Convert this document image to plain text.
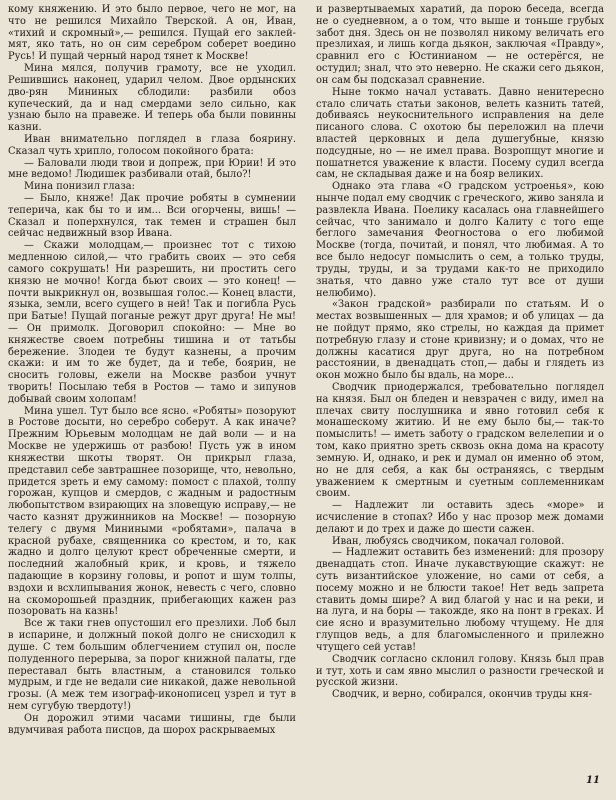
кому княжению. И это было первое, чего не мог, на что не решился Михайло Тверской. А он, Иван, «тихий и скромный»,— решился. Пущай его заклей-мят, яко тать, но он сим серебром соберет воедино Русь! И пущай черный народ тянет к Москве!

Мина мялся, получив грамоту, все не уходил. Решившись наконец, ударил челом. Двое ордынских дво-рян Мининых сблодили: разбили обоз купеческий, да и над смердами зело сильно, как узнаю было на правеже. И теперь оба были повинны казни.

Иван внимательно поглядел в глаза боярину. Сказал чуть хрипло, голосом покойного брата:

— Баловали люди твои и допреж, при Юрии! И это мне ведомо! Людишек разбивали отай, было?!

Мина понизил глаза:

— Было, княже! Дак прочие робяты в сумнении теперича, как бы то и им... Вси огорчены, вишь! — Сказал и поперхнулся, так темен и страшен был сейчас недвижный взор Ивана.

— Скажи молодцам,— произнес тот с тихою медленною силой,— что грабить своих — это себя самого сокрушать! Ни разрешить, ни простить сего князю не мочно! Когда бьют своих — это конец! — почти выкрикнул он, возвышая голос.— Конец власти, языка, земли, всего сущего в ней! Так и погибла Русь при Батые! Пущай поганые режут друг друга! Не мы! — Он примолк. Договорил спокойно: — Мне во княжестве своем потребны тишина и от татьбы бережение. Злодеи те будут казнены, а прочим скажи: и им то же будет, да и тебе, боярин, не сносить головы, ежели на Москве разбои учнут творить! Посылаю тебя в Ростов — тамо и зипунов добывай своим холопам!

Мина ушел. Тут было все ясно. «Робяты» позоруют в Ростове досыти, но серебро соберут. А как иначе? Прежним Юрьевым молодцам не дай воли — и на Москве не удержишь от разбою! Пусть уж в ином княжестви шкоты творят. Он прикрыл глаза, представил себе завтрашнее позорище, что, невольно, придется зреть и ему самому: помост с плахой, толпу горожан, купцов и смердов, с жадным и радостным любопытством взирающих на зловещую исправу,— не часто казнят дружинников на Москве! — позорную телегу с двумя Миниными «робятами», палача в красной рубахе, священника со крестом, и то, как жадно и долго целуют крест обреченные смерти, и последний жалобный крик, и кровь, и тяжело падающие в корзину головы, и ропот и шум толпы, вздохи и всхлипывания жонок, невесть с чего, словно на скоморошьей праздник, прибегающих кажен раз позоровать на казнь!

Все ж таки гнев опустошил его презлихи. Лоб был в испарине, и должный покой долго не снисходил к душе. С тем большим облегчением ступил он, после полуденного перерыва, за порог книжной палаты, где переставал быть властным, а становился только мудрым, и где не ведали сие никакой, даже невольной грозы. (А меж тем изограф-иконописец узрел и тут в нем сугубую твердоту!)

Он дорожил этими часами тишины, где были вдумчивая работа писцов, да шорох раскрываемых

и развертываемых харатий, да порою беседа, всегда не о суедневном, а о том, что выше и тоньше грубых забот дня. Здесь он не позволял никому величать его презлихая, и лишь когда дьякон, заключая «Правду», сравнил его с Юстинианом — не остерёгся, не остудил; знал, что это неверно. Не скажи сего дьякон, он сам бы подсказал сравнение.

Ныне токмо начал уставать. Давно ненитересно стало сличать статьи законов, велеть казнить татей, добиваясь неукоснительного исправления на деле писаного слова. С охотою бы переложил на плечи властей церковных и дела душегубные, князю подсудные, но — не имел права. Возропщут многие и пошатнется уважение к власти. Посему судил всегда сам, не складывая даже и на бояр великих.

Однако эта глава «О градском устроенья», кою нынче подал ему сводчик с греческого, живо заняла и развлекла Ивана. Поелику касалась она главнейшего сейчас, что занимало и долго Калиту с того еще беглого замечания Феогностова о его любимой Москве (тогда, почитай, и понял, что любимая. А то все было недосуг помыслить о сем, а только труды, труды, труды, и за трудами как-то не приходило знатья, что давно уже стало тут все от души нелюбимо).

«Закон градской» разбирали по статьям. И о местах возвышенных — для храмов; и об улицах — да не пойдут прямо, яко стрелы, но каждая да примет потребную глазу и стоне кривизну; и о домах, что не должны касатися друг друга, но на потребном расстоянии, в двенадцать стоп,— дабы и глядеть из окон можно было бы вдаль, на море...

Сводчик приодержался, требовательно поглядел на князя. Был он бледен и невзрачен с виду, имел на плечах свиту послушника и явно готовил себя к монашескому житию. И не ему было бы,— так-то помыслить! — иметь заботу о градском велелепии и о том, како приятно зреть сквозь окна дома на красоту земную. И, однако, и рек и думал он именно об этом, но не для себя, а как бы остраняясь, с твердым уважением к смертным и суетным соплеменникам своим.

— Надлежит ли оставить здесь «море» и исчисление в стопах? Ибо у нас прозор меж домами делают и до трех и даже до шести сажен.

Иван, любуясь сводчиком, покачал головой.

— Надлежит оставить без изменений: для прозору двенадцать стоп. Иначе лукавствующие скажут: не суть византийское уложение, но сами от себя, а посему можно и не блюсти такое! Нет ведь запрета ставить домы шире? А вид благой у нас и на реки, и на луга, и на боры — такожде, яко на понт в греках. И сие ясно и вразумительно любому чтущему. Не для глупцов ведь, а для благомысленного и прилежно чтущего сей устав!

Сводчик согласно склонил голову. Князь был прав и тут, хоть и сам явно мыслил о разности греческой и русской жизни.

Сводчик, и верно, собирался, окончив труды кня-

11
